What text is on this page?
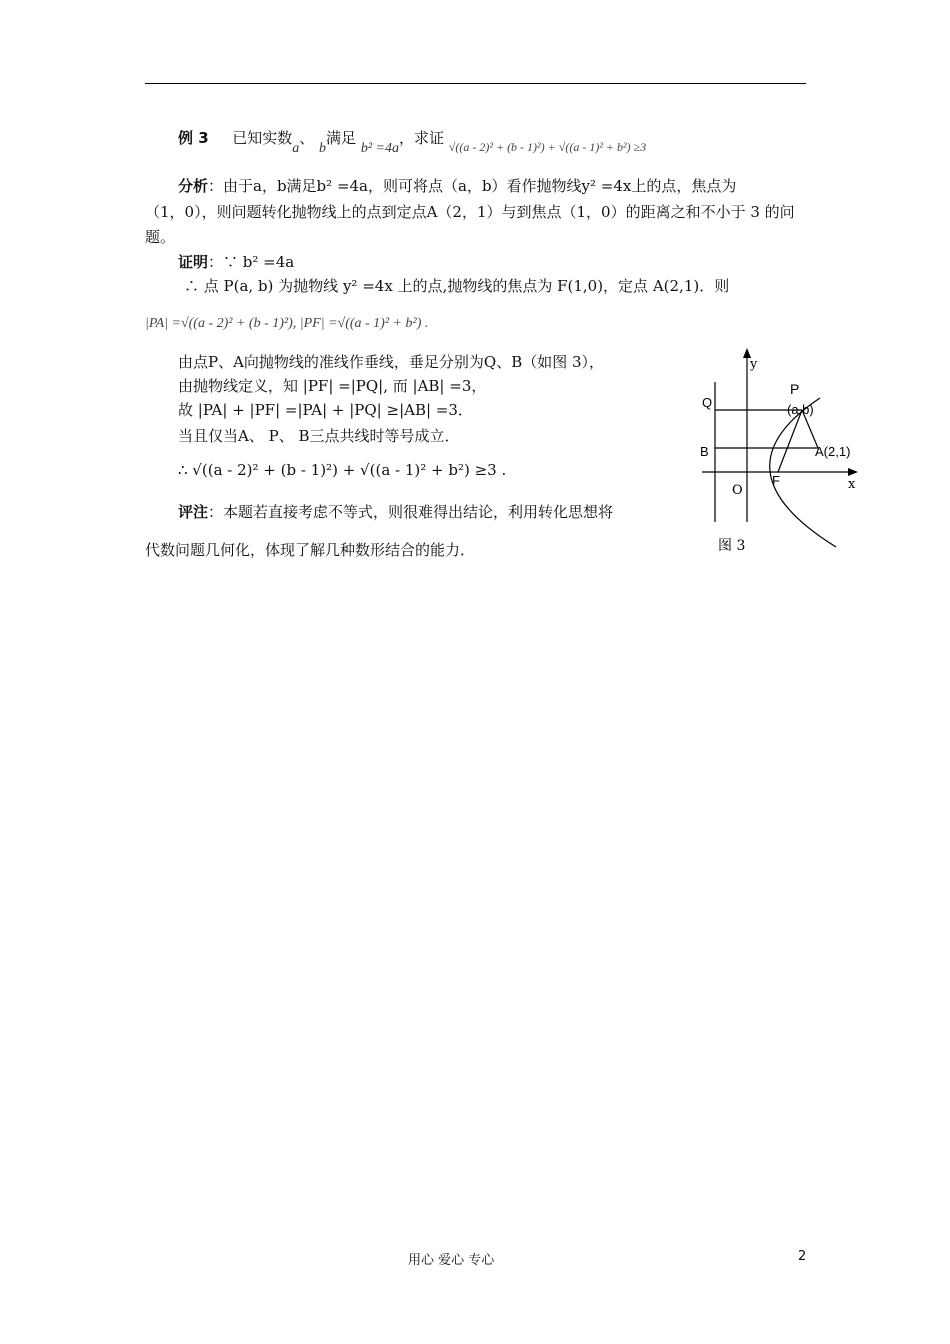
例 3 已知实数a、 b满足 b² =4a，求证 $_{√((a - 2)^2 + (b - 1)^2) + √((a - 1)^2 + b^2) \ge 3}$
分析：由于a，b满足b² =4a，则可将点（a，b）看作抛物线y² =4x上的点，焦点为
（1，0），则问题转化抛物线上的点到定点A（2，1）与到焦点（1，0）的距离之和不小于 3 的问
题。
证明：∵ b² =4a
∴ 点 P(a, b) 为抛物线 y² =4x 上的点,抛物线的焦点为 F(1,0)，定点 A(2,1)．则
|PA| =√((a - 2)² + (b - 1)²), |PF| =√((a - 1)² + b²) .
由点P、A向抛物线的准线作垂线，垂足分别为Q、B（如图 3），
由抛物线定义，知 |PF| =|PQ|, 而 |AB| =3，
故 |PA| + |PF| =|PA| + |PQ| ≥|AB| =3．
当且仅当A、 P、 B三点共线时等号成立．
∴ √((a - 2)² + (b - 1)²) + √((a - 1)² + b²) ≥3 .
评注：本题若直接考虑不等式，则很难得出结论，利用转化思想将
代数问题几何化，体现了解几种数形结合的能力．
y
x
O
Q
B
P
(a,b)
A(2,1)
F
图 3
用心 爱心 专心	2
